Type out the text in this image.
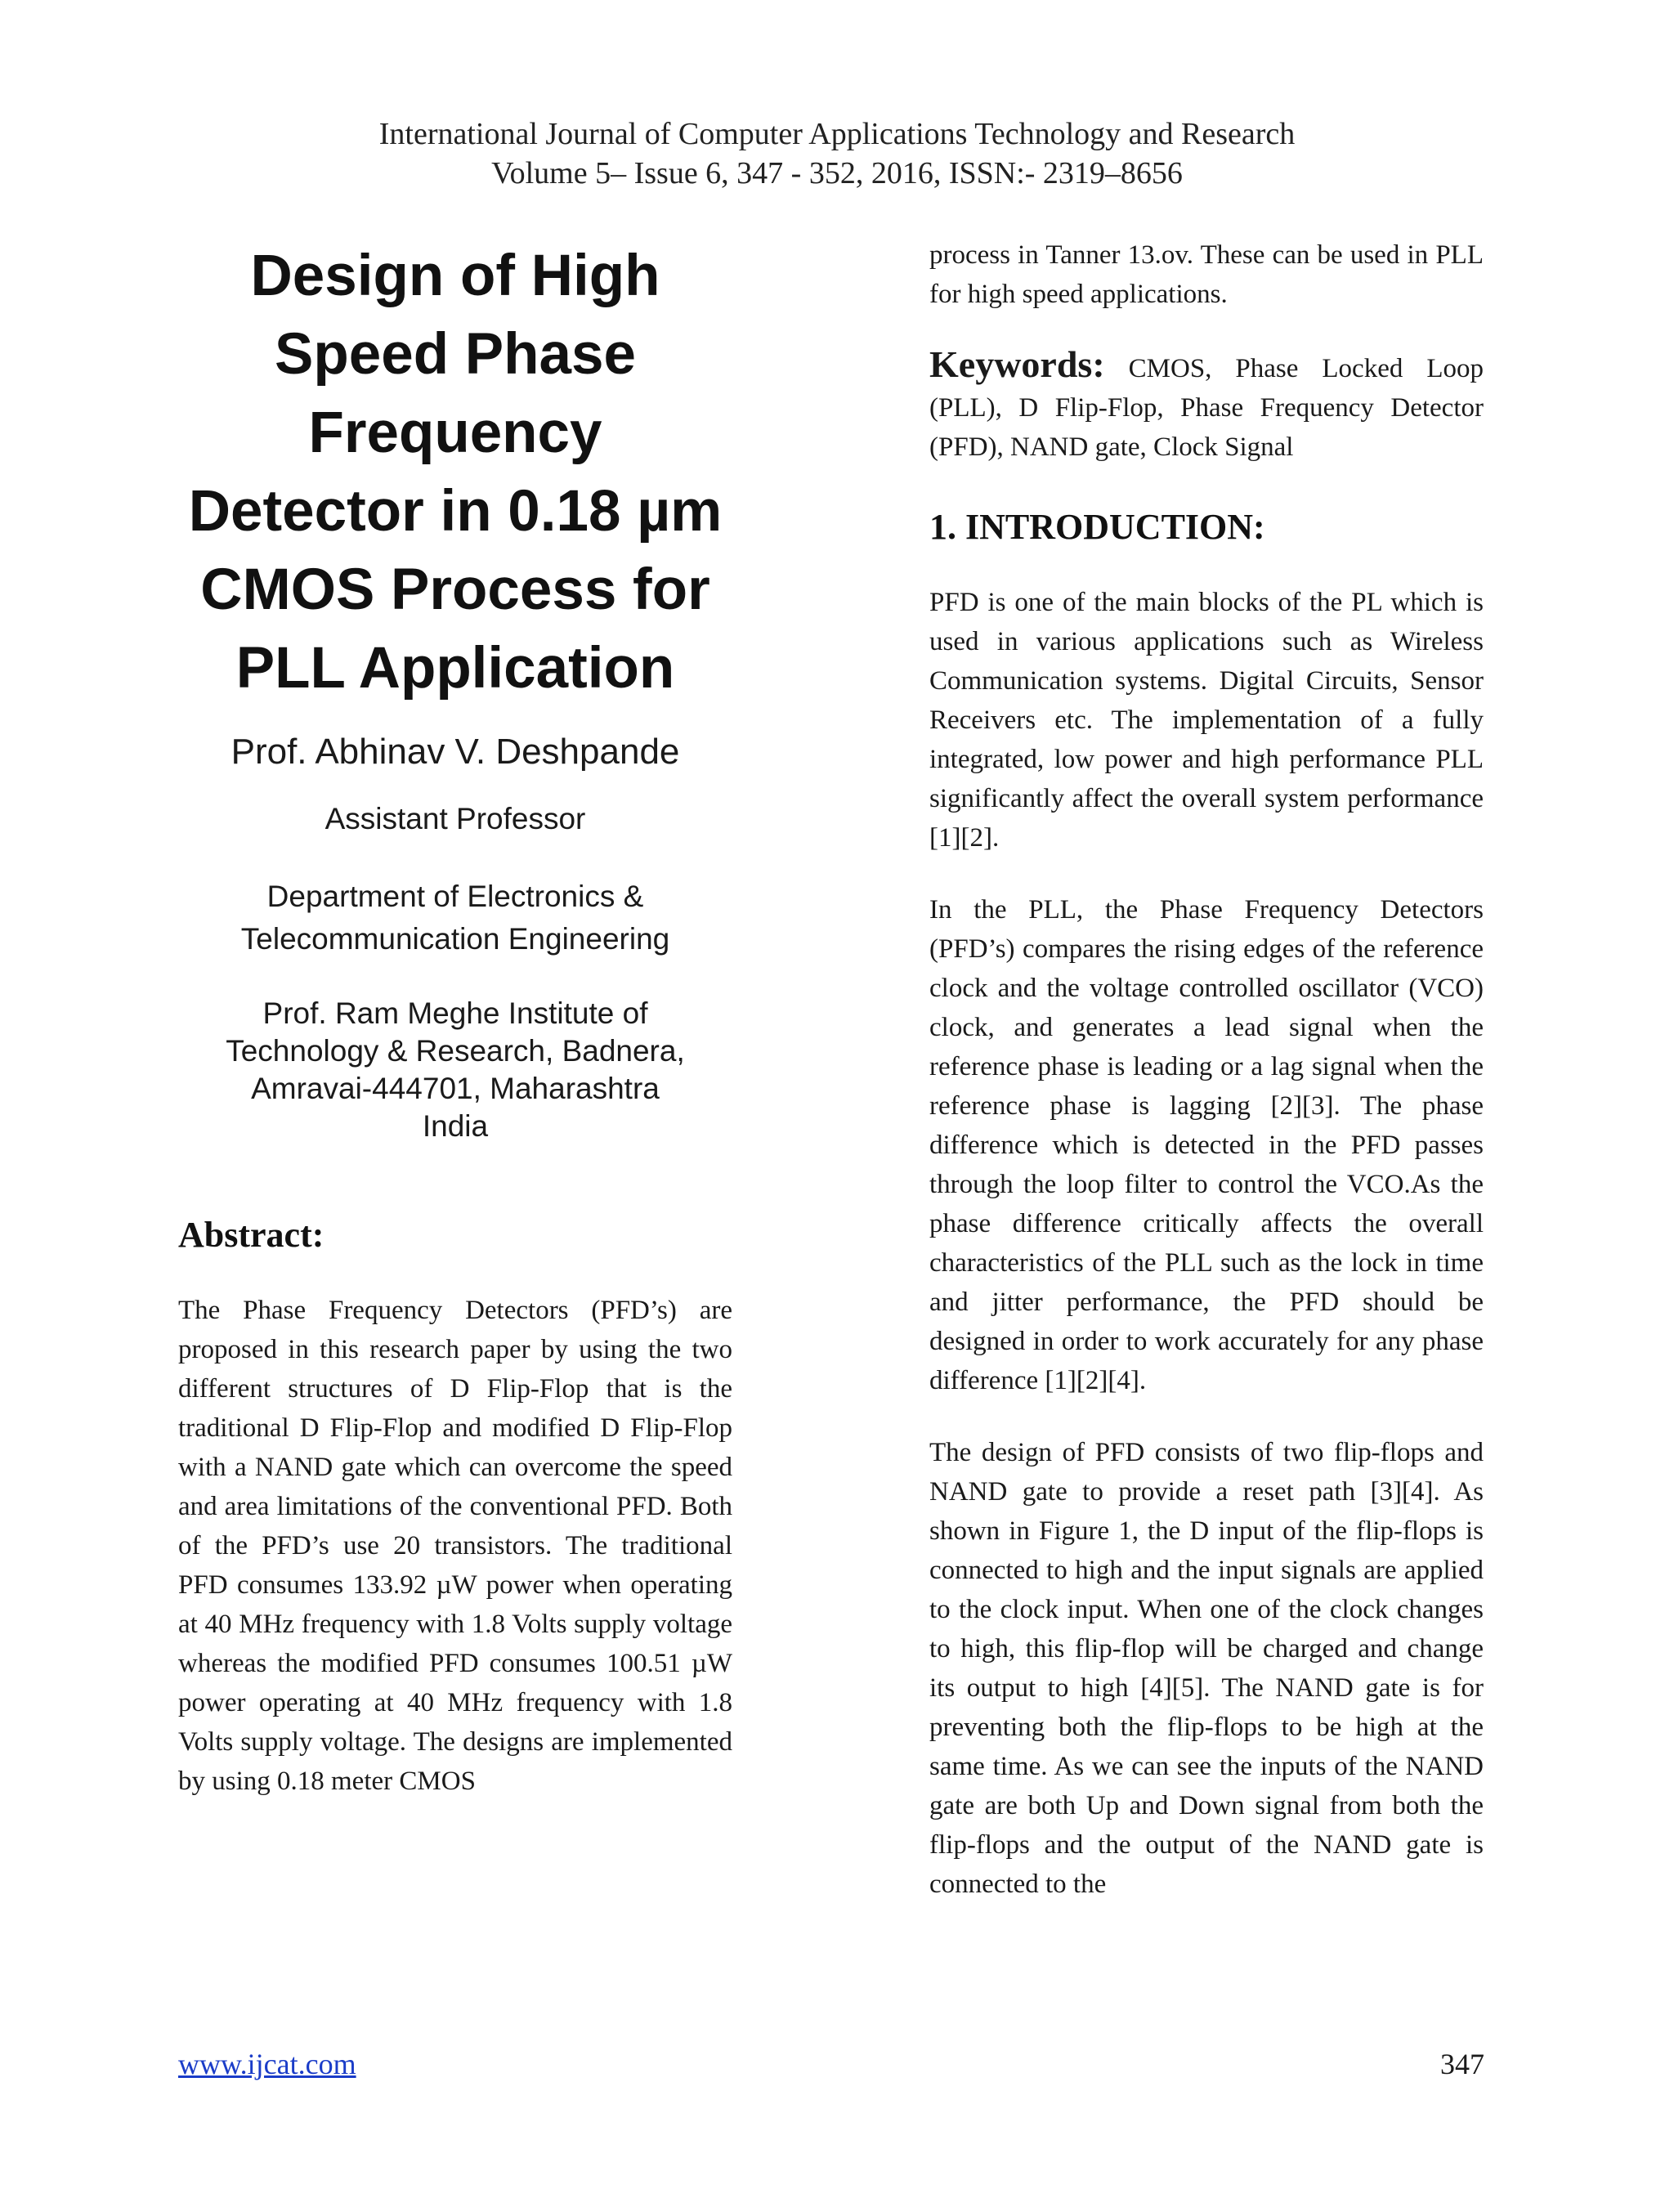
International Journal of Computer Applications Technology and Research
Volume 5– Issue 6, 347 - 352, 2016, ISSN:- 2319–8656
Design of High
Speed Phase
Frequency
Detector in 0.18 µm
CMOS Process for
PLL Application
Prof. Abhinav V. Deshpande
Assistant Professor
Department of Electronics &
Telecommunication Engineering
Prof. Ram Meghe Institute of
Technology & Research, Badnera,
Amravai-444701, Maharashtra
India
Abstract:

The Phase Frequency Detectors (PFD’s) are proposed in this research paper by using the two different structures of D Flip-Flop that is the traditional D Flip-Flop and modified D Flip-Flop with a NAND gate which can overcome the speed and area limitations of the conventional PFD. Both of the PFD’s use 20 transistors. The traditional PFD consumes 133.92 µW power when operating at 40 MHz frequency with 1.8 Volts supply voltage whereas the modified PFD consumes 100.51 µW power operating at 40 MHz frequency with 1.8 Volts supply voltage. The designs are implemented by using 0.18 meter CMOS

process in Tanner 13.ov. These can be used in PLL for high speed applications.

Keywords: CMOS, Phase Locked Loop (PLL), D Flip-Flop, Phase Frequency Detector (PFD), NAND gate, Clock Signal

1. INTRODUCTION:

PFD is one of the main blocks of the PL which is used in various applications such as Wireless Communication systems. Digital Circuits, Sensor Receivers etc. The implementation of a fully integrated, low power and high performance PLL significantly affect the overall system performance [1][2].

In the PLL, the Phase Frequency Detectors (PFD’s) compares the rising edges of the reference clock and the voltage controlled oscillator (VCO) clock, and generates a lead signal when the reference phase is leading or a lag signal when the reference phase is lagging [2][3]. The phase difference which is detected in the PFD passes through the loop filter to control the VCO.As the phase difference critically affects the overall characteristics of the PLL such as the lock in time and jitter performance, the PFD should be designed in order to work accurately for any phase difference [1][2][4].

The design of PFD consists of two flip-flops and NAND gate to provide a reset path [3][4]. As shown in Figure 1, the D input of the flip-flops is connected to high and the input signals are applied to the clock input. When one of the clock changes to high, this flip-flop will be charged and change its output to high [4][5]. The NAND gate is for preventing both the flip-flops to be high at the same time. As we can see the inputs of the NAND gate are both Up and Down signal from both the flip-flops and the output of the NAND gate is connected to the

www.ijcat.com	347
